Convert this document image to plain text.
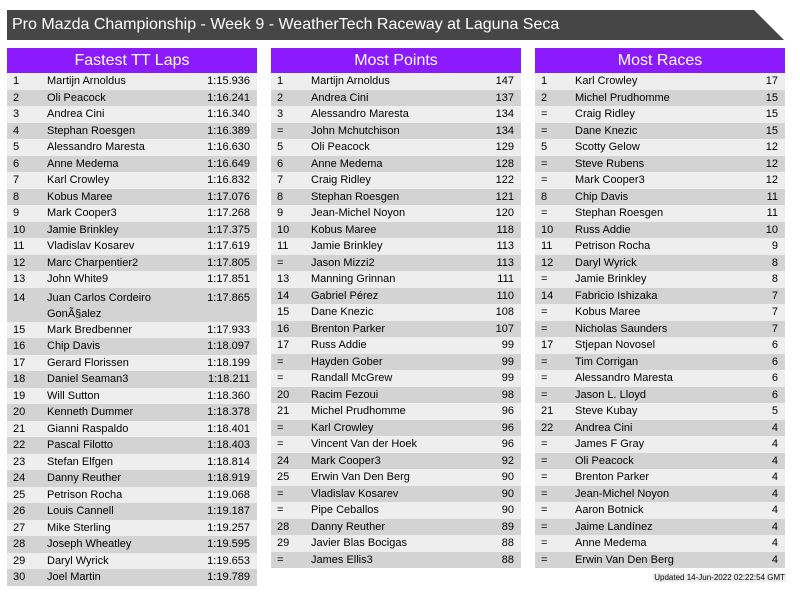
Pro Mazda Championship - Week 9 - WeatherTech Raceway at Laguna Seca
Fastest TT Laps
1	Martijn Arnoldus	1:15.936
2	Oli Peacock	1:16.241
3	Andrea Cini	1:16.340
4	Stephan Roesgen	1:16.389
5	Alessandro Maresta	1:16.630
6	Anne Medema	1:16.649
7	Karl Crowley	1:16.832
8	Kobus Maree	1:17.076
9	Mark Cooper3	1:17.268
10	Jamie Brinkley	1:17.375
11	Vladislav Kosarev	1:17.619
12	Marc Charpentier2	1:17.805
13	John White9	1:17.851
14	Juan Carlos Cordeiro GonÃ§alez	1:17.865
15	Mark Bredbenner	1:17.933
16	Chip Davis	1:18.097
17	Gerard Florissen	1:18.199
18	Daniel Seaman3	1:18.211
19	Will Sutton	1:18.360
20	Kenneth Dummer	1:18.378
21	Gianni Raspaldo	1:18.401
22	Pascal Filotto	1:18.403
23	Stefan Elfgen	1:18.814
24	Danny Reuther	1:18.919
25	Petrison Rocha	1:19.068
26	Louis Cannell	1:19.187
27	Mike Sterling	1:19.257
28	Joseph Wheatley	1:19.595
29	Daryl Wyrick	1:19.653
30	Joel Martin	1:19.789
Most Points
1	Martijn Arnoldus	147
2	Andrea Cini	137
3	Alessandro Maresta	134
=	John Mchutchison	134
5	Oli Peacock	129
6	Anne Medema	128
7	Craig Ridley	122
8	Stephan Roesgen	121
9	Jean-Michel Noyon	120
10	Kobus Maree	118
11	Jamie Brinkley	113
=	Jason Mizzi2	113
13	Manning Grinnan	111
14	Gabriel Pérez	110
15	Dane Knezic	108
16	Brenton Parker	107
17	Russ Addie	99
=	Hayden Gober	99
=	Randall McGrew	99
20	Racim Fezoui	98
21	Michel Prudhomme	96
=	Karl Crowley	96
=	Vincent Van der Hoek	96
24	Mark Cooper3	92
25	Erwin Van Den Berg	90
=	Vladislav Kosarev	90
=	Pipe Ceballos	90
28	Danny Reuther	89
29	Javier Blas Bocigas	88
=	James Ellis3	88
Most Races
1	Karl Crowley	17
2	Michel Prudhomme	15
=	Craig Ridley	15
=	Dane Knezic	15
5	Scotty Gelow	12
=	Steve Rubens	12
=	Mark Cooper3	12
8	Chip Davis	11
=	Stephan Roesgen	11
10	Russ Addie	10
11	Petrison Rocha	9
12	Daryl Wyrick	8
=	Jamie Brinkley	8
14	Fabricio Ishizaka	7
=	Kobus Maree	7
=	Nicholas Saunders	7
17	Stjepan Novosel	6
=	Tim Corrigan	6
=	Alessandro Maresta	6
=	Jason L. Lloyd	6
21	Steve Kubay	5
22	Andrea Cini	4
=	James F Gray	4
=	Oli Peacock	4
=	Brenton Parker	4
=	Jean-Michel Noyon	4
=	Aaron Botnick	4
=	Jaime Landínez	4
=	Anne Medema	4
=	Erwin Van Den Berg	4
Updated 14-Jun-2022 02:22:54 GMT
